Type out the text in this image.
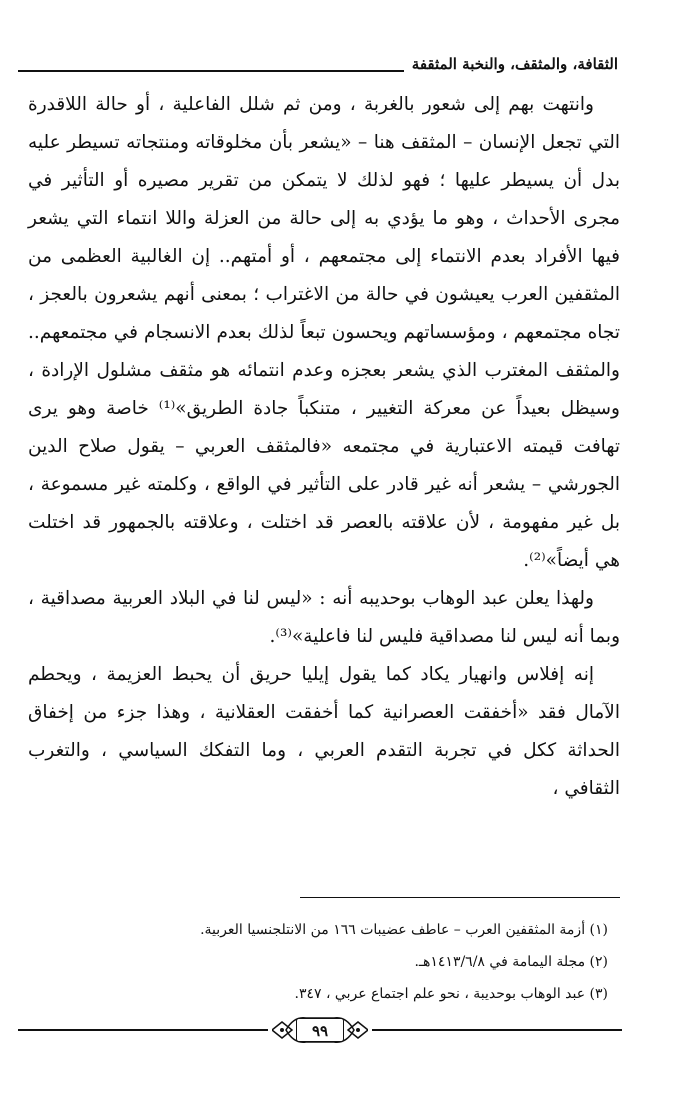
الثقافة، والمثقف، والنخبة المثقفة

وانتهت بهم إلى شعور بالغربة ، ومن ثم شلل الفاعلية ، أو حالة اللاقدرة التي تجعل الإنسان – المثقف هنا – «يشعر بأن مخلوقاته ومنتجاته تسيطر عليه بدل أن يسيطر عليها ؛ فهو لذلك لا يتمكن من تقرير مصيره أو التأثير في مجرى الأحداث ، وهو ما يؤدي به إلى حالة من العزلة واللا انتماء التي يشعر فيها الأفراد بعدم الانتماء إلى مجتمعهم ، أو أمتهم.. إن الغالبية العظمى من المثقفين العرب يعيشون في حالة من الاغتراب ؛ بمعنى أنهم يشعرون بالعجز ، تجاه مجتمعهم ، ومؤسساتهم ويحسون تبعاً لذلك بعدم الانسجام في مجتمعهم.. والمثقف المغترب الذي يشعر بعجزه وعدم انتمائه هو مثقف مشلول الإرادة ، وسيظل بعيداً عن معركة التغيير ، متنكباً جادة الطريق»⁽¹⁾ خاصة وهو يرى تهافت قيمته الاعتبارية في مجتمعه «فالمثقف العربي – يقول صلاح الدين الجورشي – يشعر أنه غير قادر على التأثير في الواقع ، وكلمته غير مسموعة ، بل غير مفهومة ، لأن علاقته بالعصر قد اختلت ، وعلاقته بالجمهور قد اختلت هي أيضاً»⁽²⁾.

ولهذا يعلن عبد الوهاب بوحديبه أنه : «ليس لنا في البلاد العربية مصداقية ، وبما أنه ليس لنا مصداقية فليس لنا فاعلية»⁽³⁾.

إنه إفلاس وانهيار يكاد كما يقول إيليا حريق أن يحبط العزيمة ، ويحطم الآمال فقد «أخفقت العصرانية كما أخفقت العقلانية ، وهذا جزء من إخفاق الحداثة ككل في تجربة التقدم العربي ، وما التفكك السياسي ، والتغرب الثقافي ،

(١) أزمة المثقفين العرب – عاطف عضيبات ١٦٦ من الانتلجنسيا العربية.

(٢) مجلة اليمامة في ١٤١٣/٦/٨هـ.

(٣) عبد الوهاب بوحديبة ، نحو علم اجتماع عربي ، ٣٤٧.

٩٩
